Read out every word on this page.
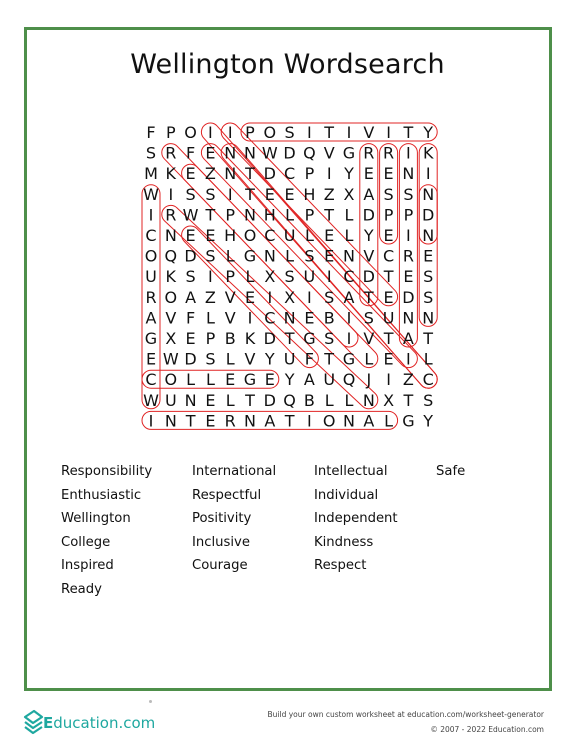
Wellington Wordsearch
F P O I I P O S I T I V I T Y
S R F E N N W D Q V G R R I K
M K E Z N T D C P I Y E E N I
W I S S I T E E H Z X A S S N
I R W T P N H L P T L D P P D
C N E E H O C U L E L Y E I N
O Q D S L G N L S E N V C R E
U K S I P L X S U I C D T E S
R O A Z V E I X I S A T E D S
A V F L V I C N E B I S U N N
G X E P B K D T G S I V T A T
E W D S L V Y U F T G L E I L
C O L L E G E Y A U Q J I Z C
W U N E L T D Q B L L N X T S
I N T E R N A T I O N A L G Y
Responsibility
Enthusiastic
Wellington
College
Inspired
Ready
International
Respectful
Positivity
Inclusive
Courage
Intellectual
Individual
Independent
Kindness
Respect
Safe
Education.com	Build your own custom worksheet at education.com/worksheet-generator
© 2007 - 2022 Education.com
